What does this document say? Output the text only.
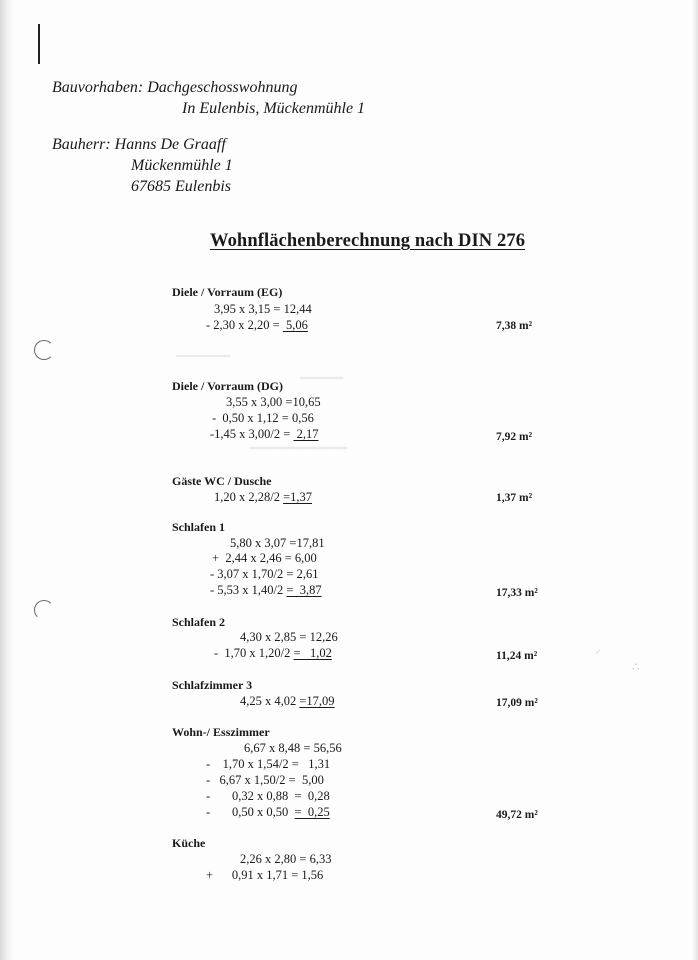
▔▔▔▔▔
▔▔▔▔
▔▔▔▔▔▔▔▔▔
⸝
∴
Bauvorhaben: Dachgeschosswohnung
In Eulenbis, Mückenmühle 1
Bauherr: Hanns De Graaff
Mückenmühle 1
67685 Eulenbis
Wohnflächenberechnung nach DIN 276
Diele / Vorraum (EG)
3,95 x 3,15 = 12,44
- 2,30 x 2,20 =  5,06	7,38 m²
Diele / Vorraum (DG)
3,55 x 3,00 =10,65
-  0,50 x 1,12 = 0,56
-1,45 x 3,00/2 =  2,17	7,92 m²
Gäste WC / Dusche
1,20 x 2,28/2 =1,37	1,37 m²
Schlafen 1
5,80 x 3,07 =17,81
+  2,44 x 2,46 = 6,00
- 3,07 x 1,70/2 = 2,61
- 5,53 x 1,40/2 =  3,87	17,33 m²
Schlafen 2
4,30 x 2,85 = 12,26
-  1,70 x 1,20/2 =   1,02	11,24 m²
Schlafzimmer 3
4,25 x 4,02 =17,09	17,09 m²
Wohn-/ Esszimmer
6,67 x 8,48 = 56,56
-    1,70 x 1,54/2 =   1,31
-   6,67 x 1,50/2 =  5,00
-       0,32 x 0,88  =  0,28
-       0,50 x 0,50  =  0,25	49,72 m²
Küche
2,26 x 2,80 = 6,33
+      0,91 x 1,71 = 1,56
